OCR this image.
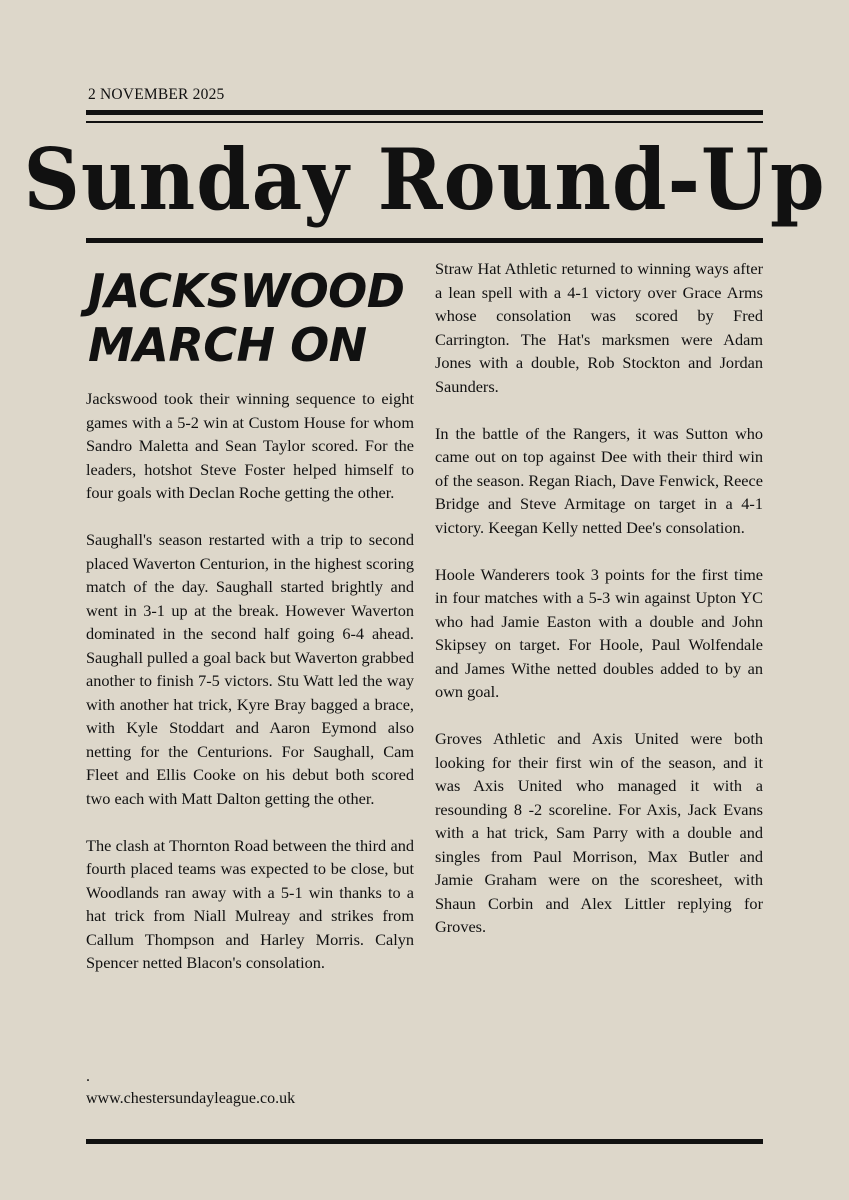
2 NOVEMBER 2025
Sunday Round-Up
JACKSWOOD MARCH ON

Jackswood took their winning sequence to eight games with a 5-2 win at Custom House for whom Sandro Maletta and Sean Taylor scored. For the leaders, hotshot Steve Foster helped himself to four goals with Declan Roche getting the other.

Saughall's season restarted with a trip to second placed Waverton Centurion, in the highest scoring match of the day. Saughall started brightly and went in 3-1 up at the break. However Waverton dominated in the second half going 6-4 ahead. Saughall pulled a goal back but Waverton grabbed another to finish 7-5 victors. Stu Watt led the way with another hat trick, Kyre Bray bagged a brace, with Kyle Stoddart and Aaron Eymond also netting for the Centurions. For Saughall, Cam Fleet and Ellis Cooke on his debut both scored two each with Matt Dalton getting the other.

The clash at Thornton Road between the third and fourth placed teams was expected to be close, but Woodlands ran away with a 5-1 win thanks to a hat trick from Niall Mulreay and strikes from Callum Thompson and Harley Morris. Calyn Spencer netted Blacon's consolation.

Straw Hat Athletic returned to winning ways after a lean spell with a 4-1 victory over Grace Arms whose consolation was scored by Fred Carrington. The Hat's marksmen were Adam Jones with a double, Rob Stockton and Jordan Saunders.

In the battle of the Rangers, it was Sutton who came out on top against Dee with their third win of the season. Regan Riach, Dave Fenwick, Reece Bridge and Steve Armitage on target in a 4-1 victory. Keegan Kelly netted Dee's consolation.

Hoole Wanderers took 3 points for the first time in four matches with a 5-3 win against Upton YC who had Jamie Easton with a double and John Skipsey on target. For Hoole, Paul Wolfendale and James Withe netted doubles added to by an own goal.

Groves Athletic and Axis United were both looking for their first win of the season, and it was Axis United who managed it with a resounding 8 -2 scoreline. For Axis, Jack Evans with a hat trick, Sam Parry with a double and singles from Paul Morrison, Max Butler and Jamie Graham were on the scoresheet, with Shaun Corbin and Alex Littler replying for Groves.

.
www.chestersundayleague.co.uk
